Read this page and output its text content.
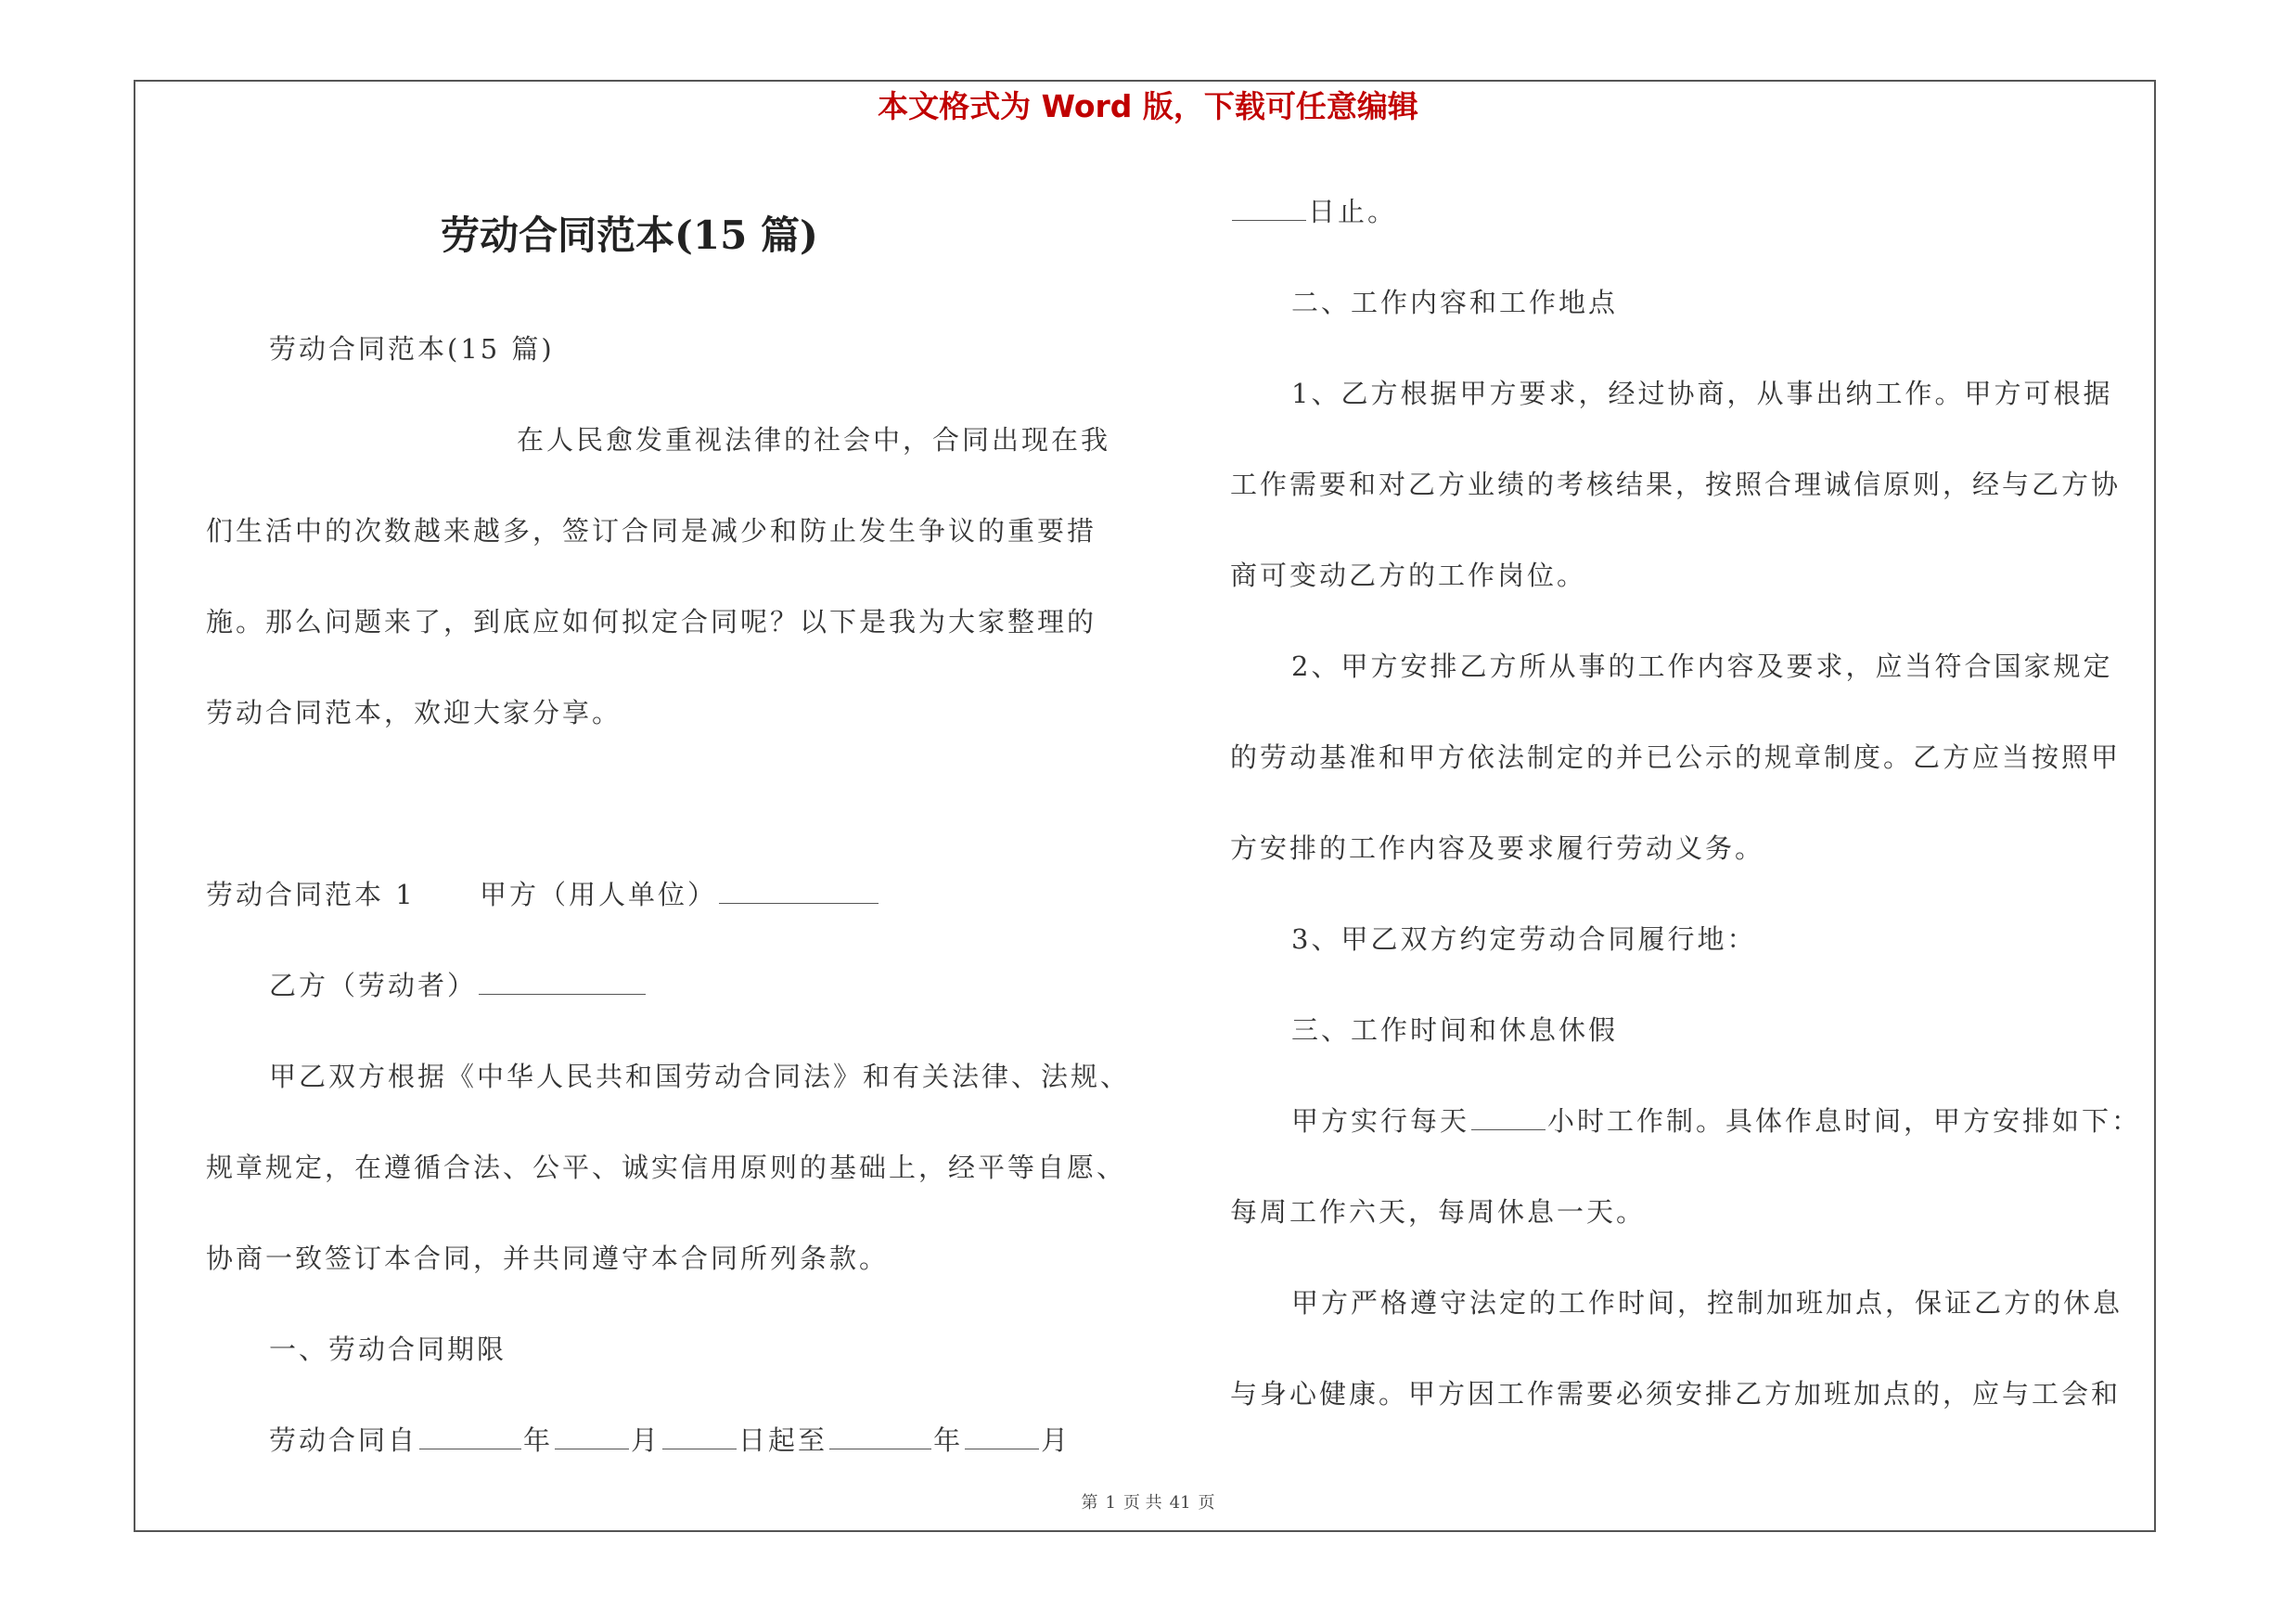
本文格式为 Word 版，下载可任意编辑
劳动合同范本(15 篇)
劳动合同范本(15 篇)
在人民愈发重视法律的社会中，合同出现在我
们生活中的次数越来越多，签订合同是减少和防止发生争议的重要措
施。那么问题来了，到底应如何拟定合同呢？以下是我为大家整理的
劳动合同范本，欢迎大家分享。
劳动合同范本 1 甲方（用人单位）
乙方（劳动者）
甲乙双方根据《中华人民共和国劳动合同法》和有关法律、法规、
规章规定，在遵循合法、公平、诚实信用原则的基础上，经平等自愿、
协商一致签订本合同，并共同遵守本合同所列条款。
一、劳动合同期限
劳动合同自	年	月	日起至	年	月
日止。
二、工作内容和工作地点
1、乙方根据甲方要求，经过协商，从事出纳工作。甲方可根据
工作需要和对乙方业绩的考核结果，按照合理诚信原则，经与乙方协
商可变动乙方的工作岗位。
2、甲方安排乙方所从事的工作内容及要求，应当符合国家规定
的劳动基准和甲方依法制定的并已公示的规章制度。乙方应当按照甲
方安排的工作内容及要求履行劳动义务。
3、甲乙双方约定劳动合同履行地：
三、工作时间和休息休假
甲方实行每天	小时工作制。具体作息时间，甲方安排如下：
每周工作六天，每周休息一天。
甲方严格遵守法定的工作时间，控制加班加点，保证乙方的休息
与身心健康。甲方因工作需要必须安排乙方加班加点的，应与工会和
第 1 页 共 41 页
